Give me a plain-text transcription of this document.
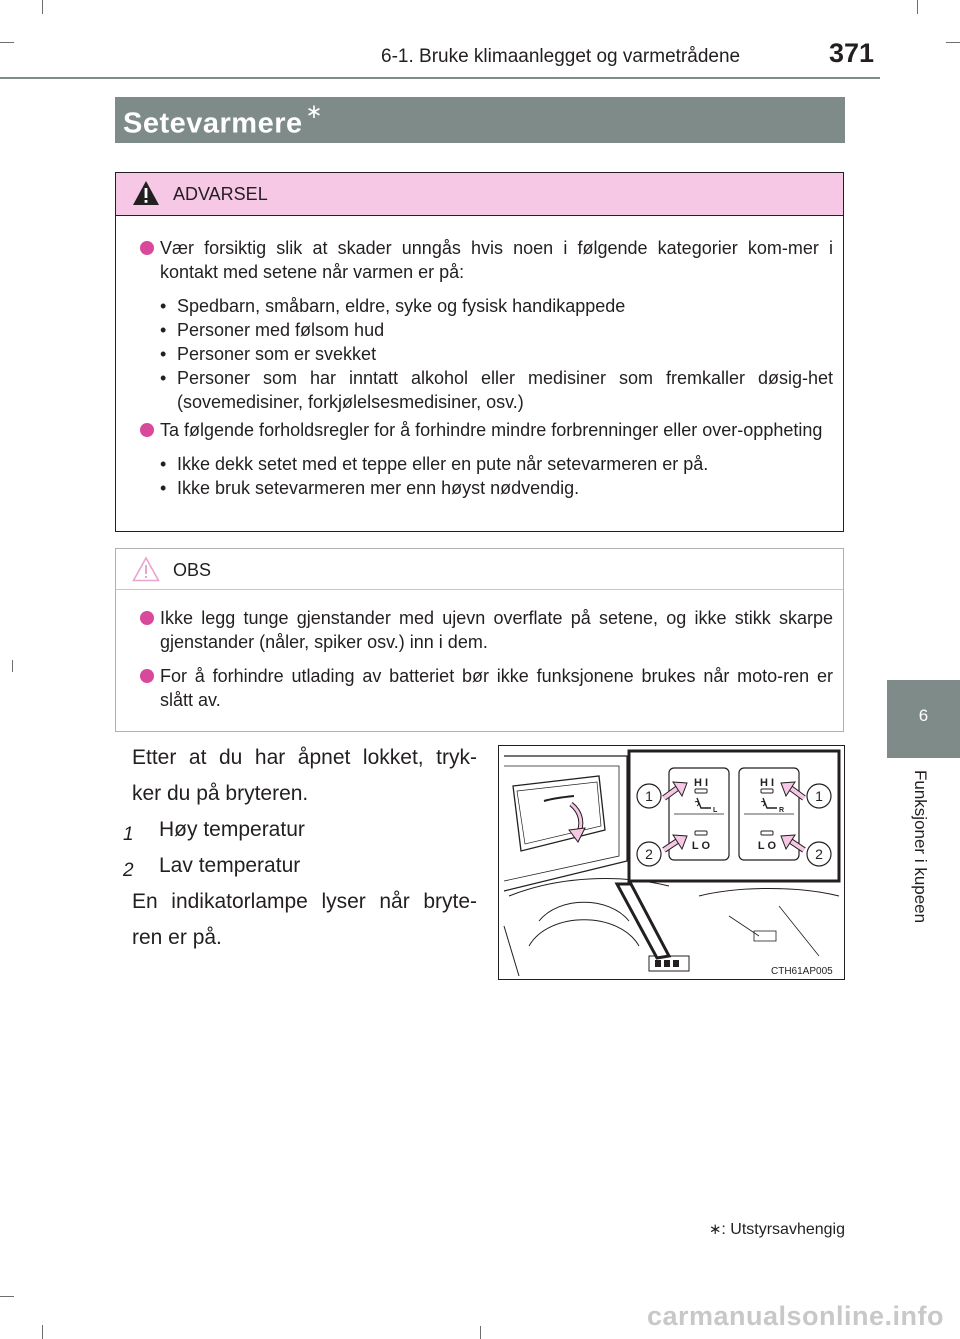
6-1. Bruke klimaanlegget og varmetrådene	371
Setevarmere ∗
6
Funksjoner i kupeen
ADVARSEL
Vær forsiktig slik at skader unngås hvis noen i følgende kategorier kom-mer i kontakt med setene når varmen er på:
• Spedbarn, småbarn, eldre, syke og fysisk handikappede
• Personer med følsom hud
• Personer som er svekket
• Personer som har inntatt alkohol eller medisiner som fremkaller døsig-het (sovemedisiner, forkjølelsesmedisiner, osv.)
Ta følgende forholdsregler for å forhindre mindre forbrenninger eller over-oppheting
• Ikke dekk setet med et teppe eller en pute når setevarmeren er på.
• Ikke bruk setevarmeren mer enn høyst nødvendig.
OBS
Ikke legg tunge gjenstander med ujevn overflate på setene, og ikke stikk skarpe gjenstander (nåler, spiker osv.) inn i dem.
For å forhindre utlading av batteriet bør ikke funksjonene brukes når moto-ren er slått av.
Etter at du har åpnet lokket, tryk-
ker du på bryteren.
1 Høy temperatur
2 Lav temperatur
En indikatorlampe lyser når bryte-
ren er på.
H I
L O
H I
L O
L	R
1
2
1
2
CTH61AP005
∗: Utstyrsavhengig
carmanualsonline.info
